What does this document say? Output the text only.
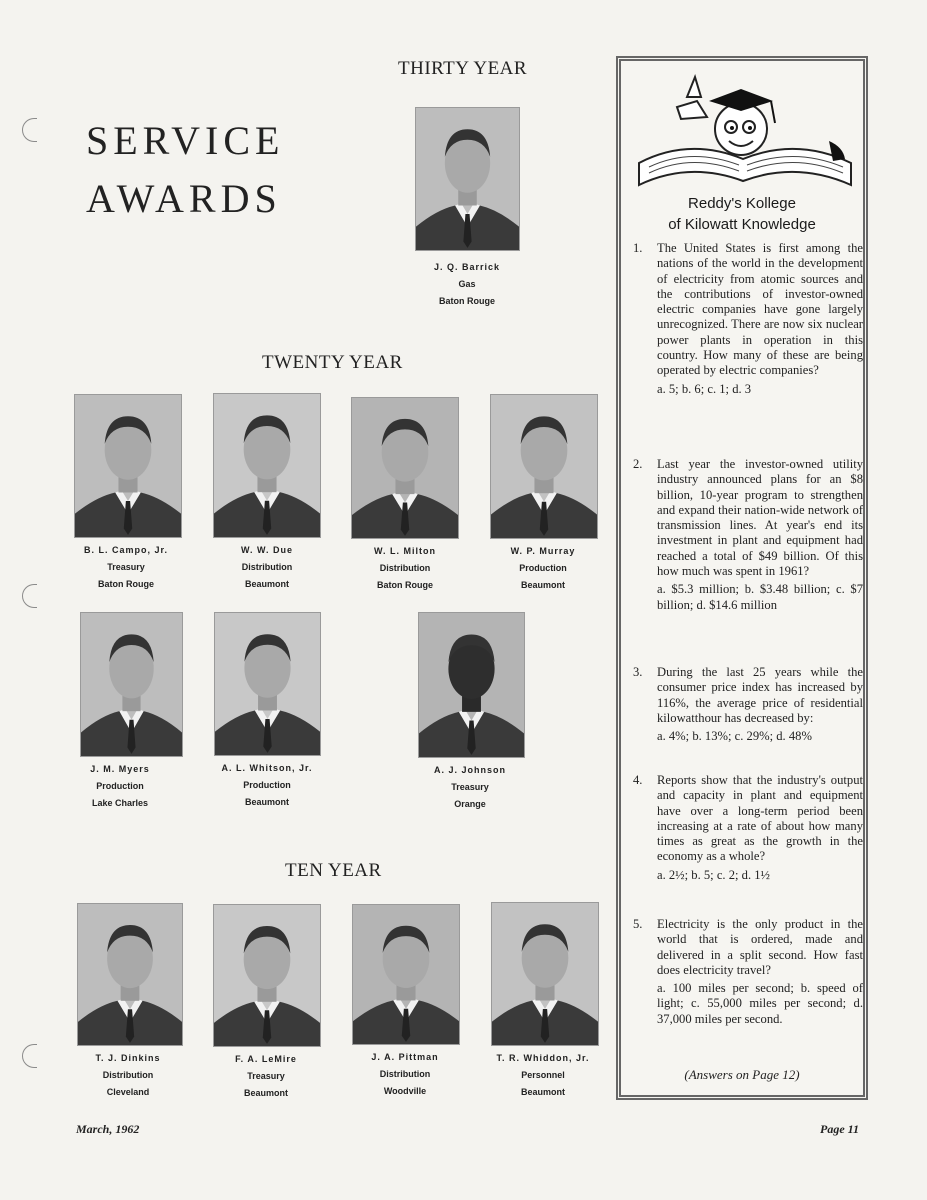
SERVICE
AWARDS
THIRTY YEAR
TWENTY YEAR
TEN YEAR
J. Q. Barrick
Gas
Baton Rouge
B. L. Campo, Jr.
Treasury
Baton Rouge
W. W. Due
Distribution
Beaumont
W. L. Milton
Distribution
Baton Rouge
W. P. Murray
Production
Beaumont
J. M. Myers
Production
Lake Charles
A. L. Whitson, Jr.
Production
Beaumont
A. J. Johnson
Treasury
Orange
T. J. Dinkins
Distribution
Cleveland
F. A. LeMire
Treasury
Beaumont
J. A. Pittman
Distribution
Woodville
T. R. Whiddon, Jr.
Personnel
Beaumont
Reddy's Kollege
of Kilowatt Knowledge
1. The United States is first among the nations of the world in the development of electricity from atomic sources and the contributions of investor-owned electric companies have gone largely unrecognized. There are now six nuclear power plants in operation in this country. How many of these are being operated by electric companies?
a. 5; b. 6; c. 1; d. 3
2. Last year the investor-owned utility industry announced plans for an $8 billion, 10-year program to strengthen and expand their nation-wide network of transmission lines. At year's end its investment in plant and equipment had reached a total of $49 billion. Of this how much was spent in 1961?
a. $5.3 million; b. $3.48 billion; c. $7 billion; d. $14.6 million
3. During the last 25 years while the consumer price index has increased by 116%, the average price of residential kilowatthour has decreased by:
a. 4%; b. 13%; c. 29%; d. 48%
4. Reports show that the industry's output and capacity in plant and equipment have over a long-term period been increasing at a rate of about how many times as great as the growth in the economy as a whole?
a. 2½; b. 5; c. 2; d. 1½
5. Electricity is the only product in the world that is ordered, made and delivered in a split second. How fast does electricity travel?
a. 100 miles per second; b. speed of light; c. 55,000 miles per second; d. 37,000 miles per second.
(Answers on Page 12)
March, 1962	Page 11
